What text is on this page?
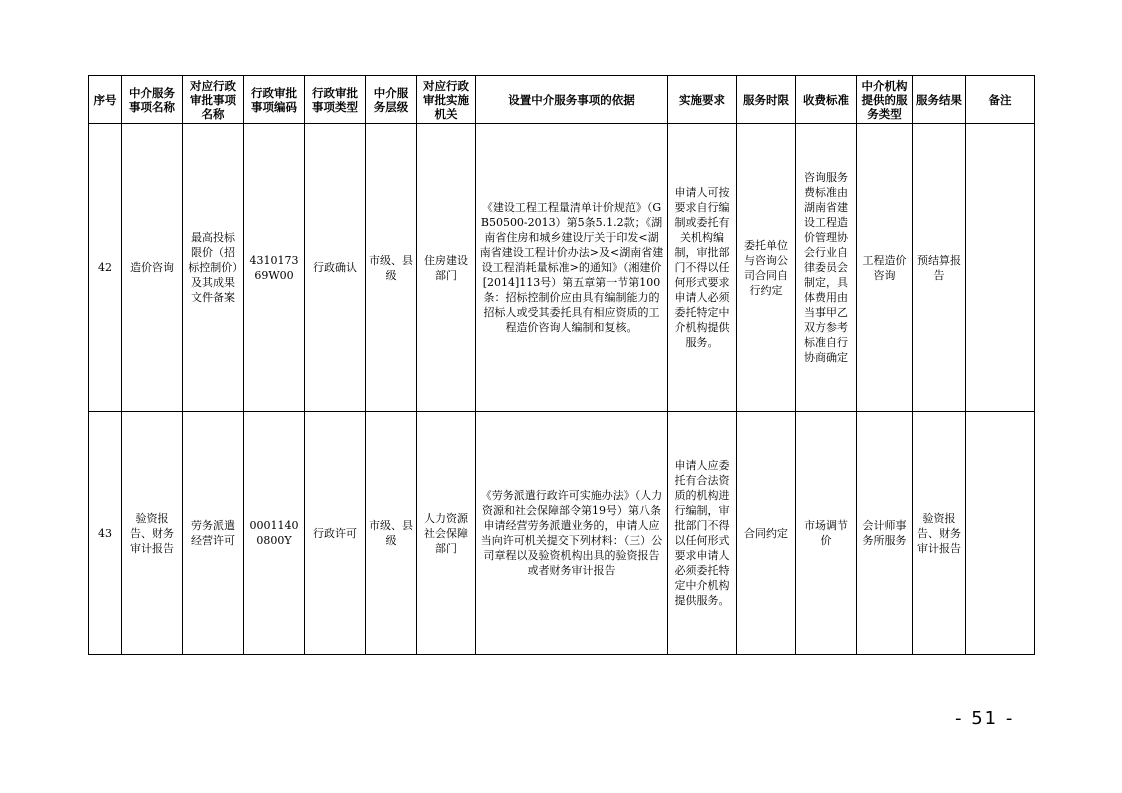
序号	中介服务事项名称	对应行政审批事项名称	行政审批事项编码	行政审批事项类型	中介服务层级	对应行政审批实施机关	设置中介服务事项的依据	实施要求	服务时限	收费标准	中介机构提供的服务类型	服务结果	备注
42	造价咨询	最高投标限价（招标控制价）及其成果文件备案	431017369W00	行政确认	市级、县级	住房建设部门	《建设工程工程量清单计价规范》（GB50500-2013）第5条5.1.2款；《湖南省住房和城乡建设厅关于印发<湖南省建设工程计价办法>及<湖南省建设工程消耗量标准>的通知》（湘建价[2014]113号）第五章第一节第100条：招标控制价应由具有编制能力的招标人或受其委托具有相应资质的工程造价咨询人编制和复核。	申请人可按要求自行编制或委托有关机构编制，审批部门不得以任何形式要求申请人必须委托特定中介机构提供服务。	委托单位与咨询公司合同自行约定	咨询服务费标准由湖南省建设工程造价管理协会行业自律委员会制定，具体费用由当事甲乙双方参考标准自行协商确定	工程造价咨询	预结算报告	
43	验资报告、财务审计报告	劳务派遣经营许可	00011400800Y	行政许可	市级、县级	人力资源社会保障部门	《劳务派遣行政许可实施办法》（人力资源和社会保障部令第19号）第八条 申请经营劳务派遣业务的，申请人应当向许可机关提交下列材料：（三）公司章程以及验资机构出具的验资报告或者财务审计报告	申请人应委托有合法资质的机构进行编制，审批部门不得以任何形式要求申请人必须委托特定中介机构提供服务。	合同约定	市场调节价	会计师事务所服务	验资报告、财务审计报告	
- 51 -
